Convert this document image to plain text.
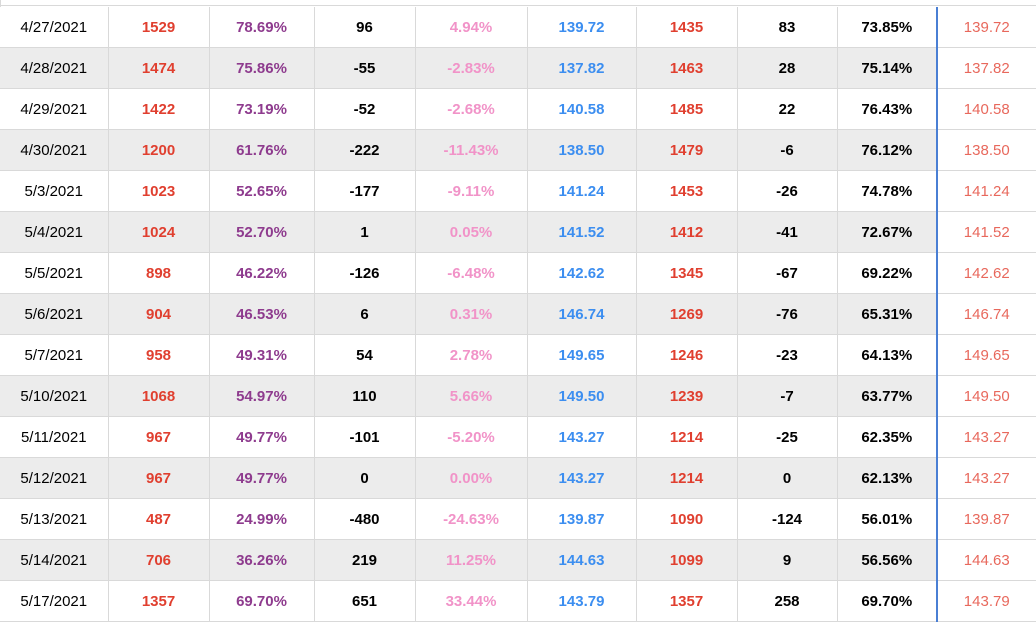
4/27/2021	1529	78.69%	96	4.94%	139.72	1435	83	73.85%	139.72
4/28/2021	1474	75.86%	-55	-2.83%	137.82	1463	28	75.14%	137.82
4/29/2021	1422	73.19%	-52	-2.68%	140.58	1485	22	76.43%	140.58
4/30/2021	1200	61.76%	-222	-11.43%	138.50	1479	-6	76.12%	138.50
5/3/2021	1023	52.65%	-177	-9.11%	141.24	1453	-26	74.78%	141.24
5/4/2021	1024	52.70%	1	0.05%	141.52	1412	-41	72.67%	141.52
5/5/2021	898	46.22%	-126	-6.48%	142.62	1345	-67	69.22%	142.62
5/6/2021	904	46.53%	6	0.31%	146.74	1269	-76	65.31%	146.74
5/7/2021	958	49.31%	54	2.78%	149.65	1246	-23	64.13%	149.65
5/10/2021	1068	54.97%	110	5.66%	149.50	1239	-7	63.77%	149.50
5/11/2021	967	49.77%	-101	-5.20%	143.27	1214	-25	62.35%	143.27
5/12/2021	967	49.77%	0	0.00%	143.27	1214	0	62.13%	143.27
5/13/2021	487	24.99%	-480	-24.63%	139.87	1090	-124	56.01%	139.87
5/14/2021	706	36.26%	219	11.25%	144.63	1099	9	56.56%	144.63
5/17/2021	1357	69.70%	651	33.44%	143.79	1357	258	69.70%	143.79
